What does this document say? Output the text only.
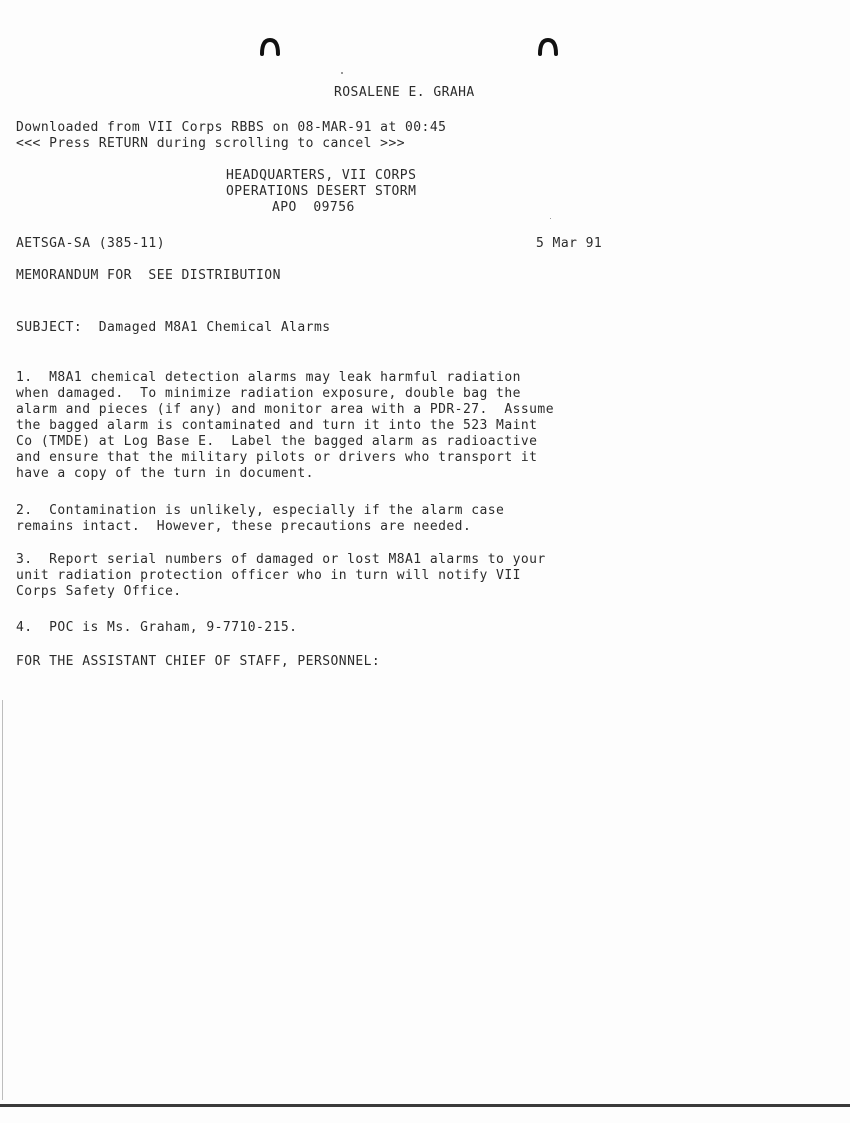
ROSALENE E. GRAHA
Downloaded from VII Corps RBBS on 08-MAR-91 at 00:45
<<< Press RETURN during scrolling to cancel >>>
HEADQUARTERS, VII CORPS
OPERATIONS DESERT STORM
APO  09756
AETSGA-SA (385-11)	5 Mar 91
MEMORANDUM FOR  SEE DISTRIBUTION
SUBJECT:  Damaged M8A1 Chemical Alarms
1.  M8A1 chemical detection alarms may leak harmful radiation
when damaged.  To minimize radiation exposure, double bag the
alarm and pieces (if any) and monitor area with a PDR-27.  Assume
the bagged alarm is contaminated and turn it into the 523 Maint
Co (TMDE) at Log Base E.  Label the bagged alarm as radioactive
and ensure that the military pilots or drivers who transport it
have a copy of the turn in document.
2.  Contamination is unlikely, especially if the alarm case
remains intact.  However, these precautions are needed.
3.  Report serial numbers of damaged or lost M8A1 alarms to your
unit radiation protection officer who in turn will notify VII
Corps Safety Office.
4.  POC is Ms. Graham, 9-7710-215.
FOR THE ASSISTANT CHIEF OF STAFF, PERSONNEL:
